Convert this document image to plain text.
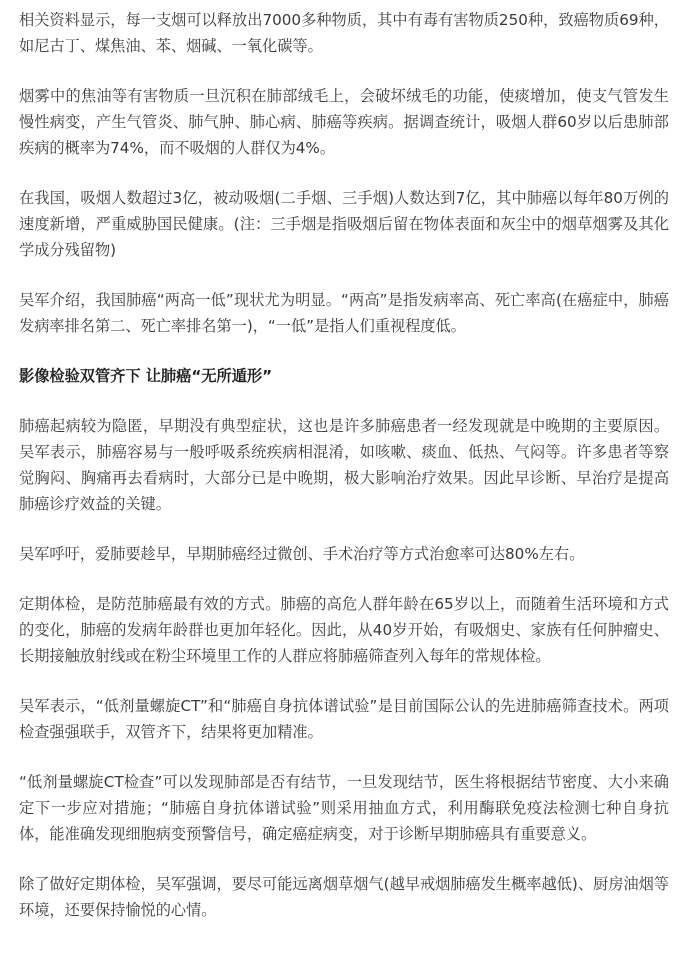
相关资料显示，每一支烟可以释放出7000多种物质，其中有毒有害物质250种，致癌物质69种，如尼古丁、煤焦油、苯、烟碱、一氧化碳等。

烟雾中的焦油等有害物质一旦沉积在肺部绒毛上，会破坏绒毛的功能，使痰增加，使支气管发生慢性病变，产生气管炎、肺气肿、肺心病、肺癌等疾病。据调查统计，吸烟人群60岁以后患肺部疾病的概率为74%，而不吸烟的人群仅为4%。

在我国，吸烟人数超过3亿，被动吸烟(二手烟、三手烟)人数达到7亿，其中肺癌以每年80万例的速度新增，严重威胁国民健康。(注：三手烟是指吸烟后留在物体表面和灰尘中的烟草烟雾及其化学成分残留物)

吴军介绍，我国肺癌“两高一低”现状尤为明显。“两高”是指发病率高、死亡率高(在癌症中，肺癌发病率排名第二、死亡率排名第一)，“一低”是指人们重视程度低。

影像检验双管齐下 让肺癌“无所遁形”

肺癌起病较为隐匿，早期没有典型症状，这也是许多肺癌患者一经发现就是中晚期的主要原因。吴军表示，肺癌容易与一般呼吸系统疾病相混淆，如咳嗽、痰血、低热、气闷等。许多患者等察觉胸闷、胸痛再去看病时，大部分已是中晚期，极大影响治疗效果。因此早诊断、早治疗是提高肺癌诊疗效益的关键。

吴军呼吁，爱肺要趁早，早期肺癌经过微创、手术治疗等方式治愈率可达80%左右。

定期体检，是防范肺癌最有效的方式。肺癌的高危人群年龄在65岁以上，而随着生活环境和方式的变化，肺癌的发病年龄群也更加年轻化。因此，从40岁开始，有吸烟史、家族有任何肿瘤史、长期接触放射线或在粉尘环境里工作的人群应将肺癌筛查列入每年的常规体检。

吴军表示，“低剂量螺旋CT”和“肺癌自身抗体谱试验”是目前国际公认的先进肺癌筛查技术。两项检查强强联手，双管齐下，结果将更加精准。

“低剂量螺旋CT检查”可以发现肺部是否有结节，一旦发现结节，医生将根据结节密度、大小来确定下一步应对措施；“肺癌自身抗体谱试验”则采用抽血方式，利用酶联免疫法检测七种自身抗体，能准确发现细胞病变预警信号，确定癌症病变，对于诊断早期肺癌具有重要意义。

除了做好定期体检，吴军强调，要尽可能远离烟草烟气(越早戒烟肺癌发生概率越低)、厨房油烟等环境，还要保持愉悦的心情。
